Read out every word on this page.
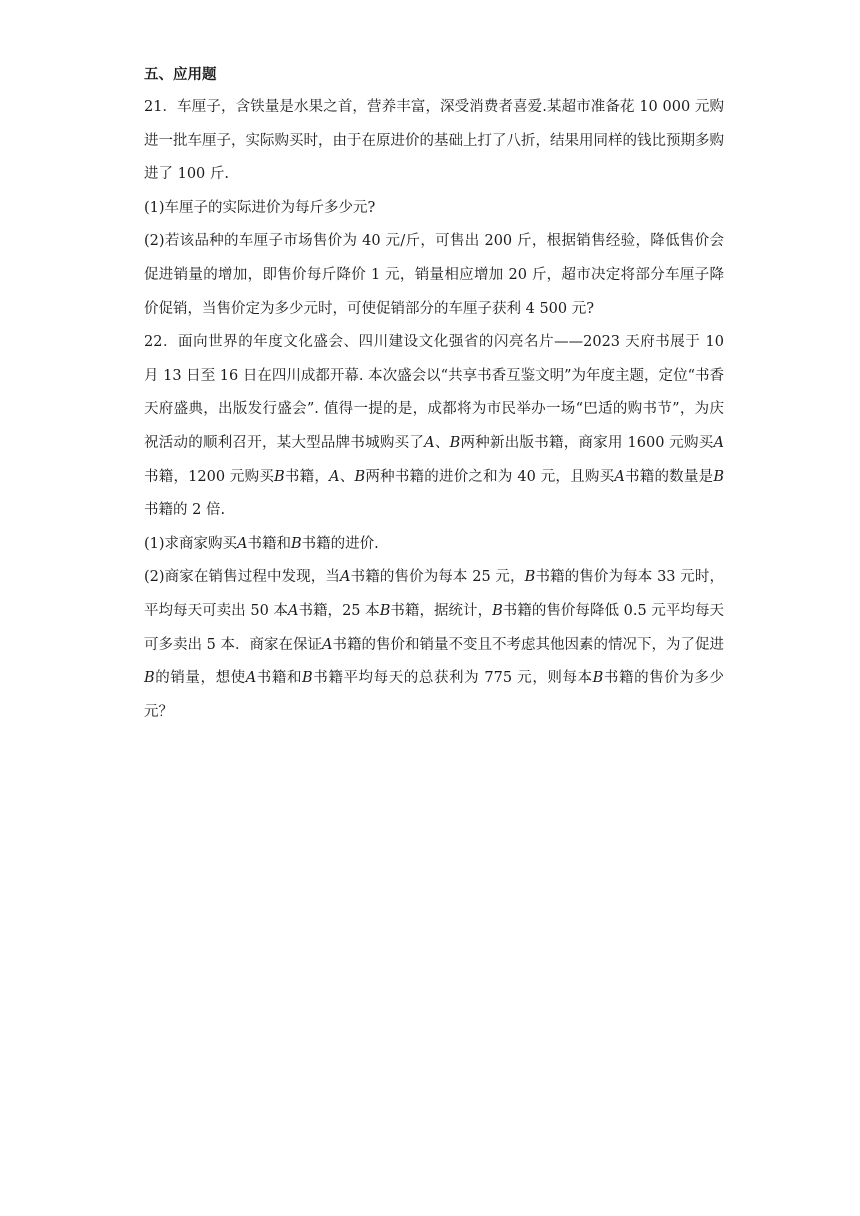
五、应用题

21．车厘子，含铁量是水果之首，营养丰富，深受消费者喜爱.某超市准备花 10 000 元购进一批车厘子，实际购买时，由于在原进价的基础上打了八折，结果用同样的钱比预期多购进了 100 斤.

(1)车厘子的实际进价为每斤多少元?

(2)若该品种的车厘子市场售价为 40 元/斤，可售出 200 斤，根据销售经验，降低售价会促进销量的增加，即售价每斤降价 1 元，销量相应增加 20 斤，超市决定将部分车厘子降价促销，当售价定为多少元时，可使促销部分的车厘子获利 4 500 元?

22．面向世界的年度文化盛会、四川建设文化强省的闪亮名片——2023 天府书展于 10 月 13 日至 16 日在四川成都开幕. 本次盛会以“共享书香互鉴文明”为年度主题，定位“书香天府盛典，出版发行盛会”. 值得一提的是，成都将为市民举办一场“巴适的购书节”，为庆祝活动的顺利召开，某大型品牌书城购买了𝐴、𝐵两种新出版书籍，商家用 1600 元购买𝐴书籍，1200 元购买𝐵书籍，𝐴、𝐵两种书籍的进价之和为 40 元，且购买𝐴书籍的数量是𝐵书籍的 2 倍.

(1)求商家购买𝐴书籍和𝐵书籍的进价.

(2)商家在销售过程中发现，当𝐴书籍的售价为每本 25 元，𝐵书籍的售价为每本 33 元时，平均每天可卖出 50 本𝐴书籍，25 本𝐵书籍，据统计，𝐵书籍的售价每降低 0.5 元平均每天可多卖出 5 本．商家在保证𝐴书籍的售价和销量不变且不考虑其他因素的情况下，为了促进𝐵的销量，想使𝐴书籍和𝐵书籍平均每天的总获利为 775 元，则每本𝐵书籍的售价为多少元？
